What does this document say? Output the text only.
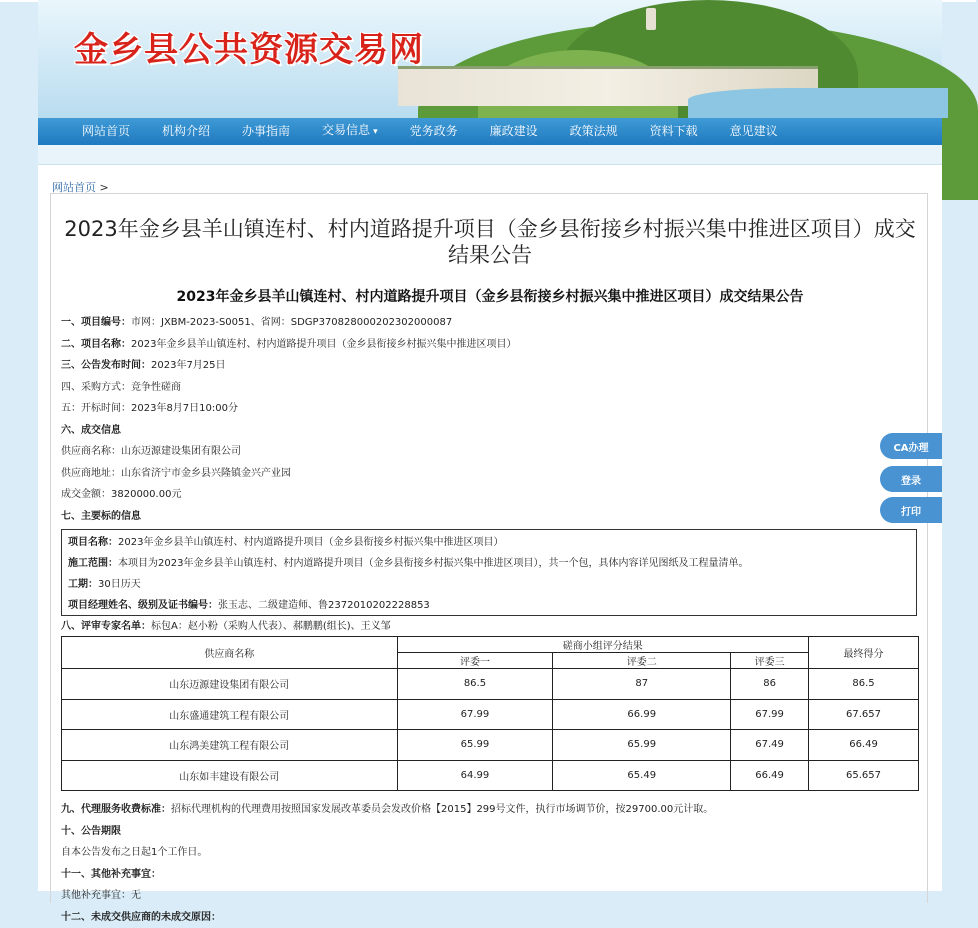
金乡县公共资源交易网
网站首页	机构介绍	办事指南	交易信息 ▾	党务政务	廉政建设	政策法规	资料下载	意见建议
网站首页 >
2023年金乡县羊山镇连村、村内道路提升项目（金乡县衔接乡村振兴集中推进区项目）成交结果公告
2023年金乡县羊山镇连村、村内道路提升项目（金乡县衔接乡村振兴集中推进区项目）成交结果公告
一、项目编号：市网：JXBM-2023-S0051、省网：SDGP370828000202302000087
二、项目名称：2023年金乡县羊山镇连村、村内道路提升项目（金乡县衔接乡村振兴集中推进区项目）
三、公告发布时间：2023年7月25日
四、采购方式：竞争性磋商
五：开标时间：2023年8月7日10:00分
六、成交信息
供应商名称：山东迈源建设集团有限公司
供应商地址：山东省济宁市金乡县兴隆镇金兴产业园
成交金额：3820000.00元
七、主要标的信息
项目名称：2023年金乡县羊山镇连村、村内道路提升项目（金乡县衔接乡村振兴集中推进区项目）
施工范围：本项目为2023年金乡县羊山镇连村、村内道路提升项目（金乡县衔接乡村振兴集中推进区项目），共一个包，具体内容详见图纸及工程量清单。
工期：30日历天
项目经理姓名、级别及证书编号：张玉志、二级建造师、鲁2372010202228853
八、评审专家名单：标包A：赵小粉（采购人代表）、郝鹏鹏(组长)、王义邹
供应商名称	磋商小组评分结果			最终得分
	评委一	评委二	评委三	
山东迈源建设集团有限公司	86.5	87	86	86.5
山东盛通建筑工程有限公司	67.99	66.99	67.99	67.657
山东鸿美建筑工程有限公司	65.99	65.99	67.49	66.49
山东如丰建设有限公司	64.99	65.49	66.49	65.657
九、代理服务收费标准：招标代理机构的代理费用按照国家发展改革委员会发改价格【2015】299号文件，执行市场调节价，按29700.00元计取。
十、公告期限
自本公告发布之日起1个工作日。
十一、其他补充事宜：
其他补充事宜：无
十二、未成交供应商的未成交原因：
CA办理
登录
打印
